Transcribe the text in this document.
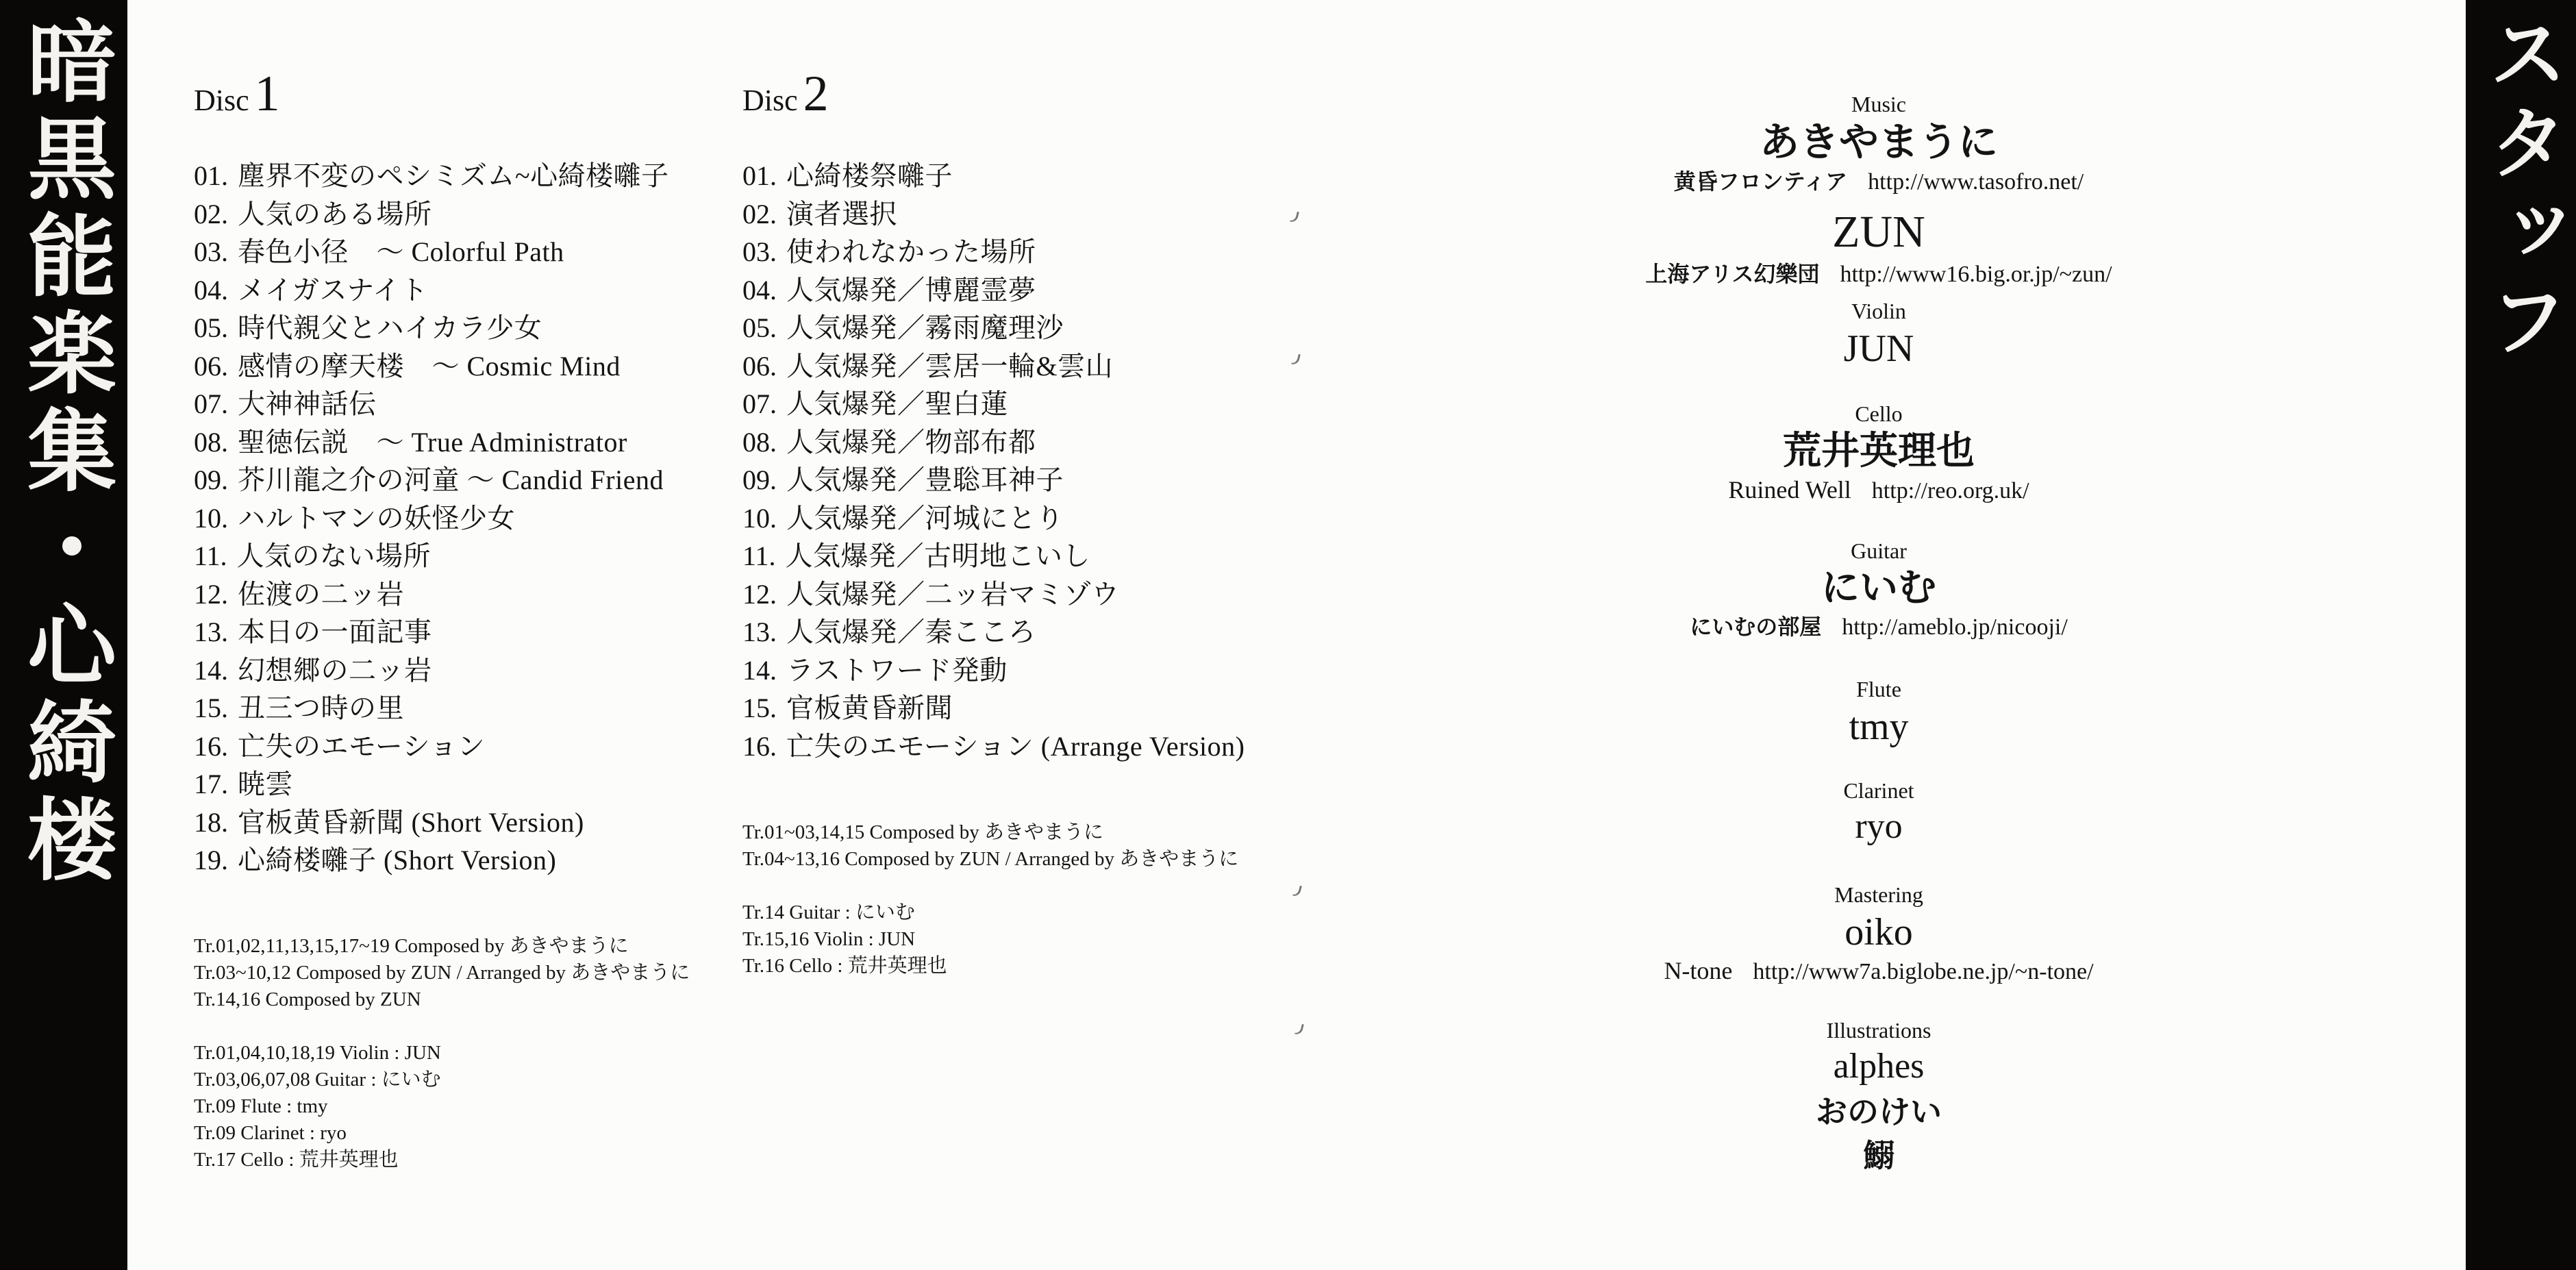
暗黒能楽集・心綺楼	スタッフ
Disc 1
01. 塵界不変のペシミズム~心綺楼囃子
02. 人気のある場所
03. 春色小径　～ Colorful Path
04. メイガスナイト
05. 時代親父とハイカラ少女
06. 感情の摩天楼　～ Cosmic Mind
07. 大神神話伝
08. 聖徳伝説　～ True Administrator
09. 芥川龍之介の河童 ～ Candid Friend
10. ハルトマンの妖怪少女
11. 人気のない場所
12. 佐渡の二ッ岩
13. 本日の一面記事
14. 幻想郷の二ッ岩
15. 丑三つ時の里
16. 亡失のエモーション
17. 暁雲
18. 官板黄昏新聞 (Short Version)
19. 心綺楼囃子 (Short Version)
Tr.01,02,11,13,15,17~19 Composed by あきやまうに
Tr.03~10,12 Composed by ZUN / Arranged by あきやまうに
Tr.14,16 Composed by ZUN
Tr.01,04,10,18,19 Violin : JUN
Tr.03,06,07,08 Guitar : にいむ
Tr.09 Flute : tmy
Tr.09 Clarinet : ryo
Tr.17 Cello : 荒井英理也
Disc 2
01. 心綺楼祭囃子
02. 演者選択
03. 使われなかった場所
04. 人気爆発／博麗霊夢
05. 人気爆発／霧雨魔理沙
06. 人気爆発／雲居一輪&雲山
07. 人気爆発／聖白蓮
08. 人気爆発／物部布都
09. 人気爆発／豊聡耳神子
10. 人気爆発／河城にとり
11. 人気爆発／古明地こいし
12. 人気爆発／二ッ岩マミゾウ
13. 人気爆発／秦こころ
14. ラストワード発動
15. 官板黄昏新聞
16. 亡失のエモーション (Arrange Version)
Tr.01~03,14,15 Composed by あきやまうに
Tr.04~13,16 Composed by ZUN / Arranged by あきやまうに
Tr.14 Guitar : にいむ
Tr.15,16 Violin : JUN
Tr.16 Cello : 荒井英理也
Music
あきやまうに
黄昏フロンティア http://www.tasofro.net/
ZUN
上海アリス幻樂団 http://www16.big.or.jp/~zun/
Violin
JUN
Cello
荒井英理也
Ruined Well http://reo.org.uk/
Guitar
にいむ
にいむの部屋 http://ameblo.jp/nicooji/
Flute
tmy
Clarinet
ryo
Mastering
oiko
N-tone http://www7a.biglobe.ne.jp/~n-tone/
Illustrations
alphes
おのけい
鰯
